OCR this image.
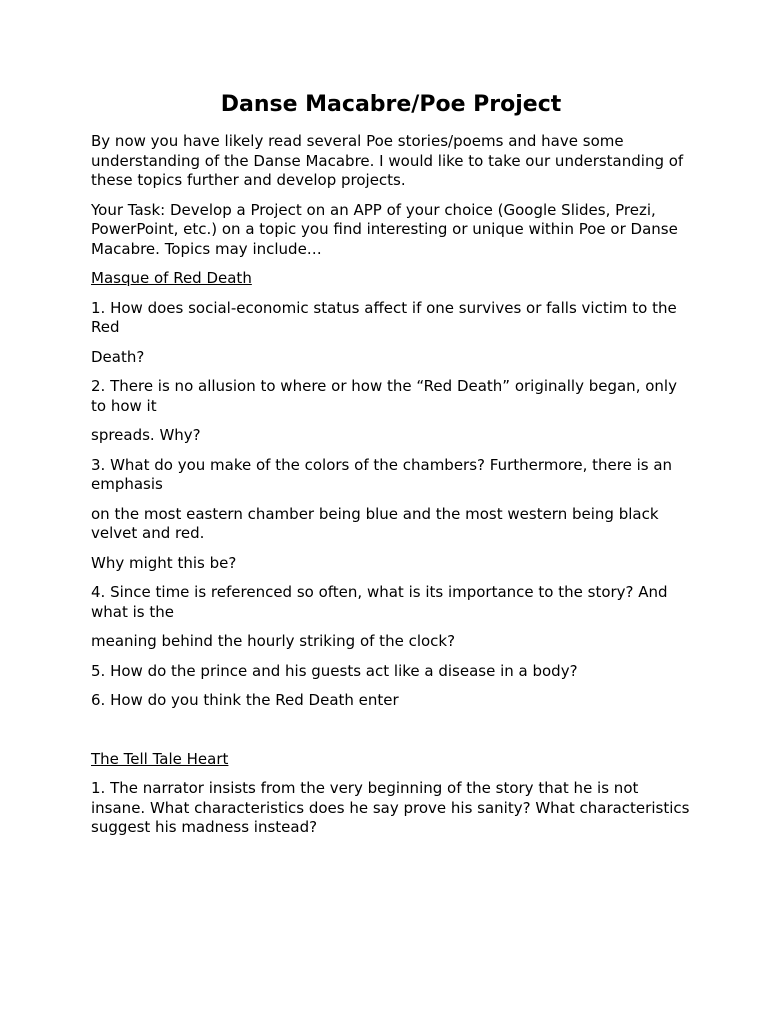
Danse Macabre/Poe Project

By now you have likely read several Poe stories/poems and have some understanding of the Danse Macabre. I would like to take our understanding of these topics further and develop projects.

Your Task: Develop a Project on an APP of your choice (Google Slides, Prezi, PowerPoint, etc.) on a topic you find interesting or unique within Poe or Danse Macabre. Topics may include…

Masque of Red Death

1. How does social-economic status affect if one survives or falls victim to the Red

Death?

2. There is no allusion to where or how the “Red Death” originally began, only to how it

spreads. Why?

3. What do you make of the colors of the chambers? Furthermore, there is an emphasis

on the most eastern chamber being blue and the most western being black velvet and red.

Why might this be?

4. Since time is referenced so often, what is its importance to the story? And what is the

meaning behind the hourly striking of the clock?

5. How do the prince and his guests act like a disease in a body?

6. How do you think the Red Death enter

The Tell Tale Heart

1. The narrator insists from the very beginning of the story that he is not insane. What characteristics does he say prove his sanity? What characteristics suggest his madness instead?
